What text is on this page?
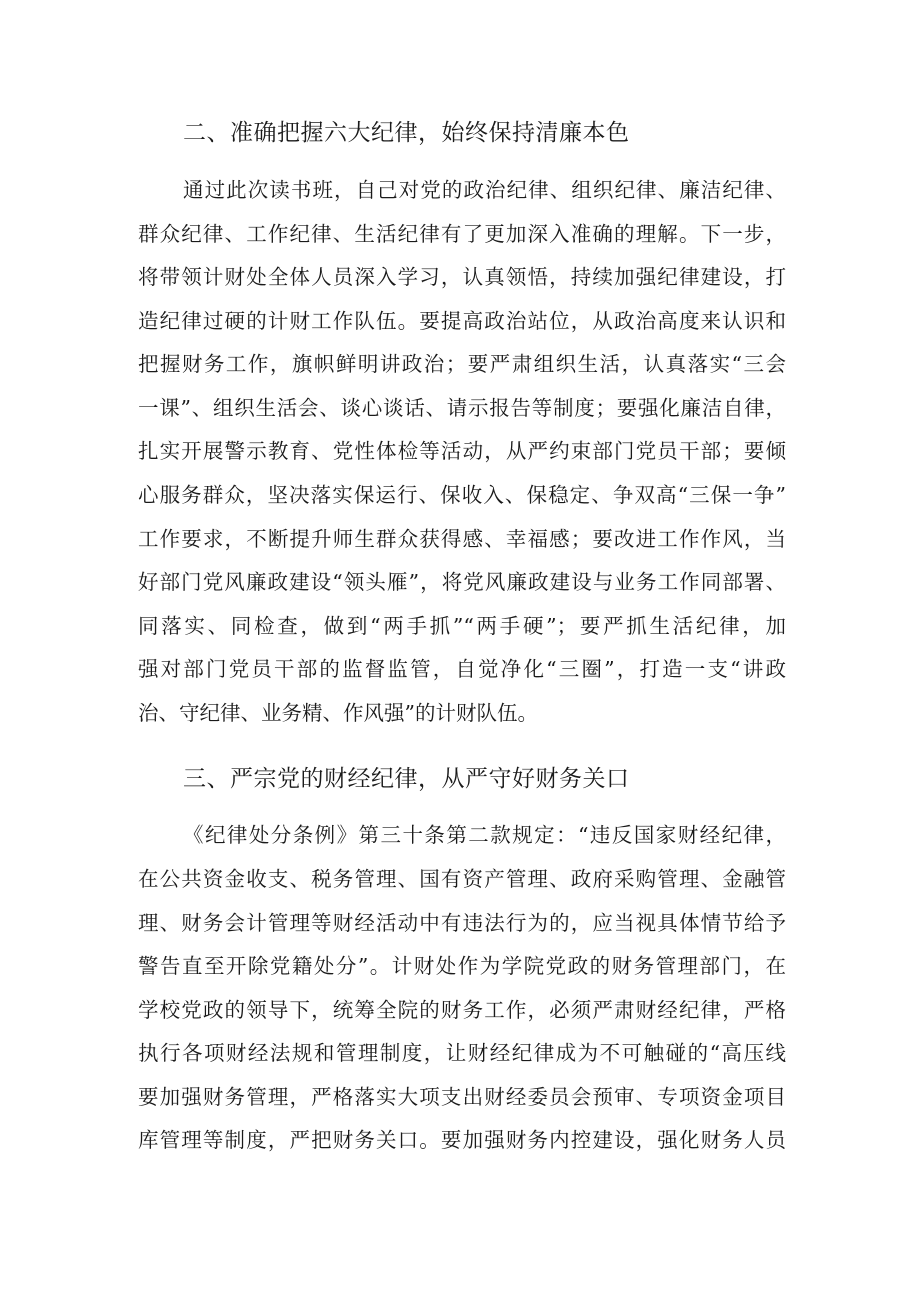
二、准确把握六大纪律，始终保持清廉本色

通过此次读书班，自己对党的政治纪律、组织纪律、廉洁纪律、

群众纪律、工作纪律、生活纪律有了更加深入准确的理解。下一步，

将带领计财处全体人员深入学习，认真领悟，持续加强纪律建设，打

造纪律过硬的计财工作队伍。要提高政治站位，从政治高度来认识和

把握财务工作，旗帜鲜明讲政治；要严肃组织生活，认真落实“三会

一课”、组织生活会、谈心谈话、请示报告等制度；要强化廉洁自律，

扎实开展警示教育、党性体检等活动，从严约束部门党员干部；要倾

心服务群众，坚决落实保运行、保收入、保稳定、争双高“三保一争”

工作要求，不断提升师生群众获得感、幸福感；要改进工作作风，当

好部门党风廉政建设“领头雁”，将党风廉政建设与业务工作同部署、

同落实、同检查，做到“两手抓”“两手硬”；要严抓生活纪律，加

强对部门党员干部的监督监管，自觉净化“三圈”，打造一支“讲政

治、守纪律、业务精、作风强”的计财队伍。

三、严宗党的财经纪律，从严守好财务关口

《纪律处分条例》第三十条第二款规定：“违反国家财经纪律，

在公共资金收支、税务管理、国有资产管理、政府采购管理、金融管

理、财务会计管理等财经活动中有违法行为的，应当视具体情节给予

警告直至开除党籍处分”。计财处作为学院党政的财务管理部门，在

学校党政的领导下，统筹全院的财务工作，必须严肃财经纪律，严格

执行各项财经法规和管理制度，让财经纪律成为不可触碰的“高压线

要加强财务管理，严格落实大项支出财经委员会预审、专项资金项目

库管理等制度，严把财务关口。要加强财务内控建设，强化财务人员
